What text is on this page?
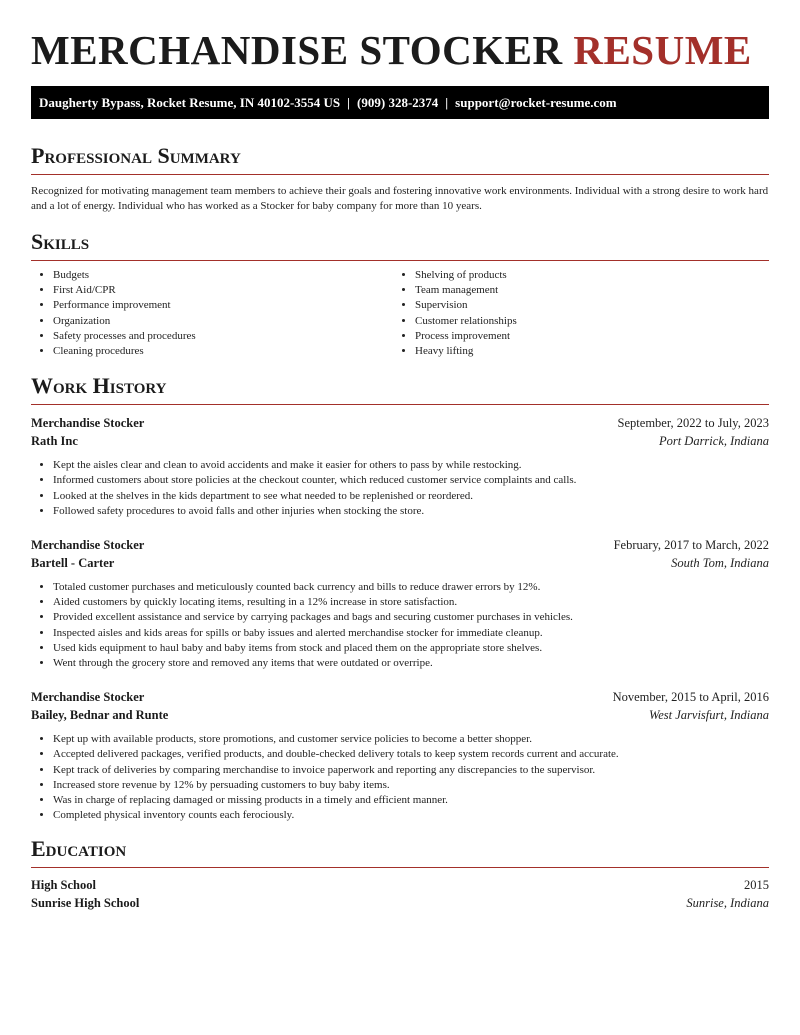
MERCHANDISE STOCKER RESUME
Daugherty Bypass, Rocket Resume, IN 40102-3554 US | (909) 328-2374 | support@rocket-resume.com
Professional Summary

Recognized for motivating management team members to achieve their goals and fostering innovative work environments. Individual with a strong desire to work hard and a lot of energy. Individual who has worked as a Stocker for baby company for more than 10 years.

Skills
• Budgets
• First Aid/CPR
• Performance improvement
• Organization
• Safety processes and procedures
• Cleaning procedures
• Shelving of products
• Team management
• Supervision
• Customer relationships
• Process improvement
• Heavy lifting
Work History
Merchandise Stocker	September, 2022 to July, 2023
Rath Inc	Port Darrick, Indiana
• Kept the aisles clear and clean to avoid accidents and make it easier for others to pass by while restocking.
• Informed customers about store policies at the checkout counter, which reduced customer service complaints and calls.
• Looked at the shelves in the kids department to see what needed to be replenished or reordered.
• Followed safety procedures to avoid falls and other injuries when stocking the store.
Merchandise Stocker	February, 2017 to March, 2022
Bartell - Carter	South Tom, Indiana
• Totaled customer purchases and meticulously counted back currency and bills to reduce drawer errors by 12%.
• Aided customers by quickly locating items, resulting in a 12% increase in store satisfaction.
• Provided excellent assistance and service by carrying packages and bags and securing customer purchases in vehicles.
• Inspected aisles and kids areas for spills or baby issues and alerted merchandise stocker for immediate cleanup.
• Used kids equipment to haul baby and baby items from stock and placed them on the appropriate store shelves.
• Went through the grocery store and removed any items that were outdated or overripe.
Merchandise Stocker	November, 2015 to April, 2016
Bailey, Bednar and Runte	West Jarvisfurt, Indiana
• Kept up with available products, store promotions, and customer service policies to become a better shopper.
• Accepted delivered packages, verified products, and double-checked delivery totals to keep system records current and accurate.
• Kept track of deliveries by comparing merchandise to invoice paperwork and reporting any discrepancies to the supervisor.
• Increased store revenue by 12% by persuading customers to buy baby items.
• Was in charge of replacing damaged or missing products in a timely and efficient manner.
• Completed physical inventory counts each ferociously.
Education
High School	2015
Sunrise High School	Sunrise, Indiana
